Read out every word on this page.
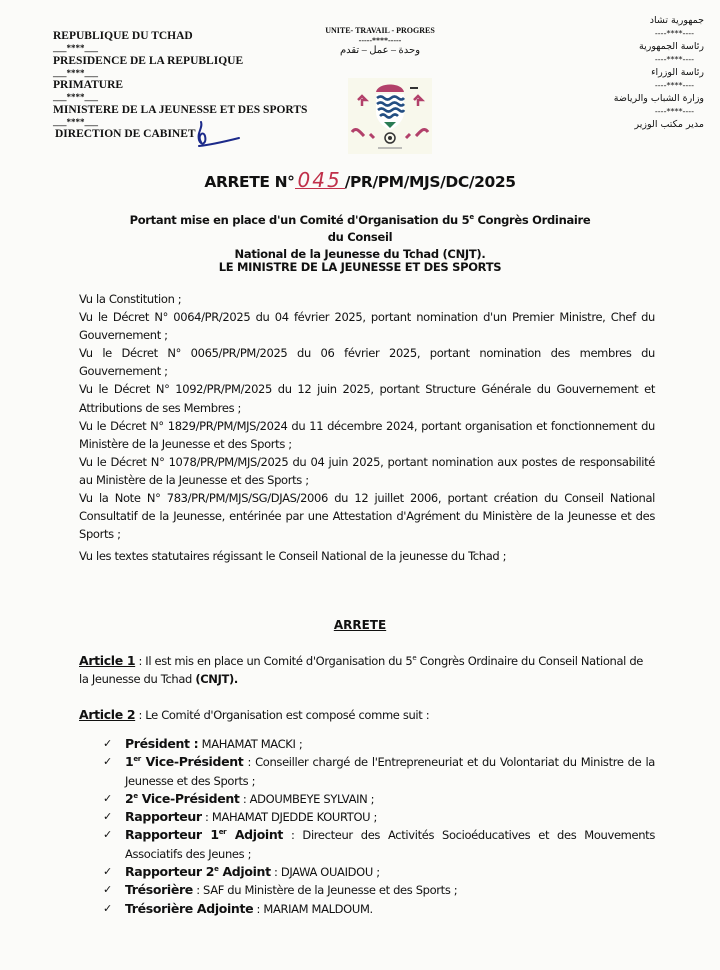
REPUBLIQUE DU TCHAD
___****___
PRESIDENCE DE LA REPUBLIQUE
___****___
PRIMATURE
___****___
MINISTERE DE LA JEUNESSE ET DES SPORTS
___****___
DIRECTION DE CABINET
UNITE- TRAVAIL - PROGRES
-----****-----
وحدة – عمل – تقدم
جمهورية تشاد
----****----
رئاسة الجمهورية
----****----
رئاسة الوزراء
----****----
وزارة الشباب والرياضة
----****----
مدير مكتب الوزير
ARRETE N° 045 /PR/PM/MJS/DC/2025
Portant mise en place d'un Comité d'Organisation du 5e Congrès Ordinaire du Conseil
National de la Jeunesse du Tchad (CNJT).
LE MINISTRE DE LA JEUNESSE ET DES SPORTS

Vu la Constitution ;

Vu le Décret N° 0064/PR/2025 du 04 février 2025, portant nomination d'un Premier Ministre, Chef du Gouvernement ;

Vu le Décret N° 0065/PR/PM/2025 du 06 février 2025, portant nomination des membres du Gouvernement ;

Vu le Décret N° 1092/PR/PM/2025 du 12 juin 2025, portant Structure Générale du Gouvernement et Attributions de ses Membres ;

Vu le Décret N° 1829/PR/PM/MJS/2024 du 11 décembre 2024, portant organisation et fonctionnement du Ministère de la Jeunesse et des Sports ;

Vu le Décret N° 1078/PR/PM/MJS/2025 du 04 juin 2025, portant nomination aux postes de responsabilité au Ministère de la Jeunesse et des Sports ;

Vu la Note N° 783/PR/PM/MJS/SG/DJAS/2006 du 12 juillet 2006, portant création du Conseil National Consultatif de la Jeunesse, entérinée par une Attestation d'Agrément du Ministère de la Jeunesse et des Sports ;

Vu les textes statutaires régissant le Conseil National de la jeunesse du Tchad ;

ARRETE
Article 1 : Il est mis en place un Comité d'Organisation du 5e Congrès Ordinaire du Conseil National de la Jeunesse du Tchad (CNJT).
Article 2 : Le Comité d'Organisation est composé comme suit :
✓ Président : MAHAMAT MACKI ;
✓ 1er Vice-Président : Conseiller chargé de l'Entrepreneuriat et du Volontariat du Ministre de la Jeunesse et des Sports ;
✓ 2e Vice-Président : ADOUMBEYE SYLVAIN ;
✓ Rapporteur : MAHAMAT DJEDDE KOURTOU ;
✓ Rapporteur 1er Adjoint : Directeur des Activités Socioéducatives et des Mouvements Associatifs des Jeunes ;
✓ Rapporteur 2e Adjoint : DJAWA OUAIDOU ;
✓ Trésorière : SAF du Ministère de la Jeunesse et des Sports ;
✓ Trésorière Adjointe : MARIAM MALDOUM.
